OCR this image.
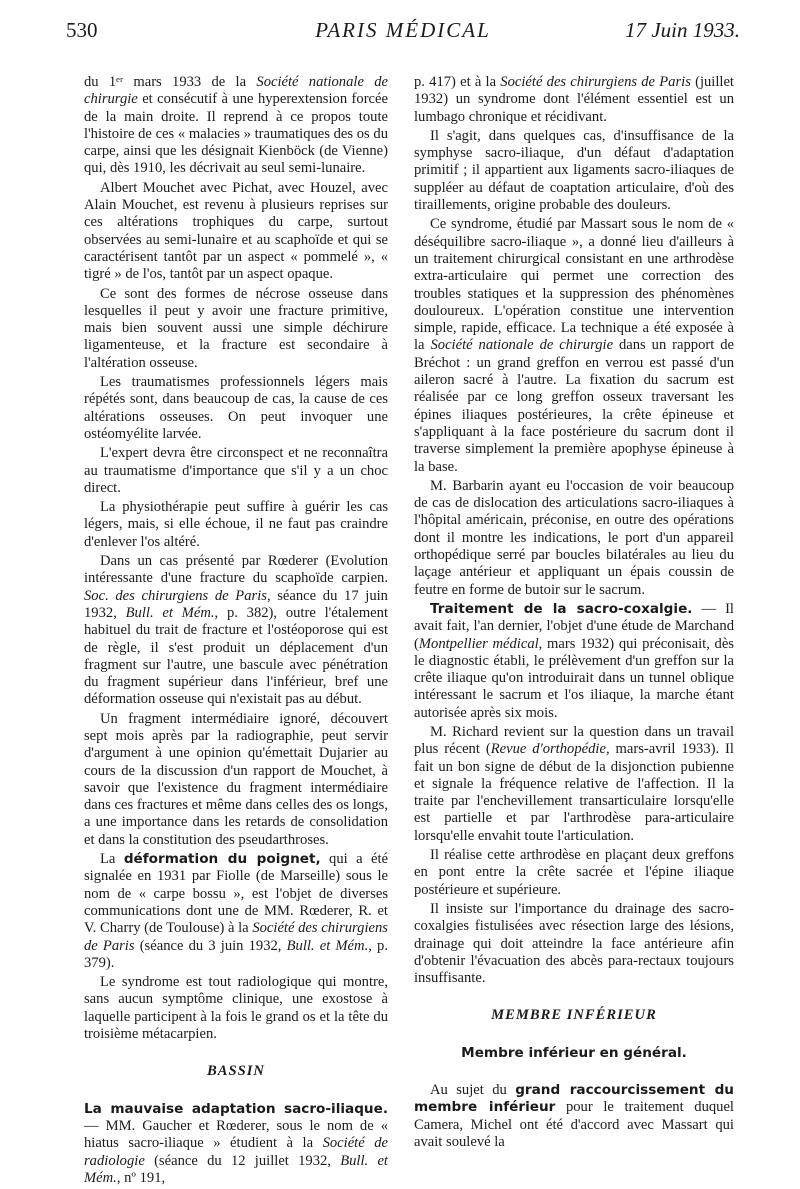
530	PARIS MÉDICAL	17 Juin 1933.

du 1ᵉʳ mars 1933 de la Société nationale de chirurgie et consécutif à une hyperextension forcée de la main droite. Il reprend à ce propos toute l'histoire de ces « malacies » traumatiques des os du carpe, ainsi que les désignait Kienböck (de Vienne) qui, dès 1910, les décrivait au seul semi-lunaire.

Albert Mouchet avec Pichat, avec Houzel, avec Alain Mouchet, est revenu à plusieurs reprises sur ces altérations trophiques du carpe, surtout observées au semi-lunaire et au scaphoïde et qui se caractérisent tantôt par un aspect « pommelé », « tigré » de l'os, tantôt par un aspect opaque.

Ce sont des formes de nécrose osseuse dans lesquelles il peut y avoir une fracture primitive, mais bien souvent aussi une simple déchirure ligamenteuse, et la fracture est secondaire à l'altération osseuse.

Les traumatismes professionnels légers mais répétés sont, dans beaucoup de cas, la cause de ces altérations osseuses. On peut invoquer une ostéomyélite larvée.

L'expert devra être circonspect et ne reconnaîtra au traumatisme d'importance que s'il y a un choc direct.

La physiothérapie peut suffire à guérir les cas légers, mais, si elle échoue, il ne faut pas craindre d'enlever l'os altéré.

Dans un cas présenté par Rœderer (Evolution intéressante d'une fracture du scaphoïde carpien. Soc. des chirurgiens de Paris, séance du 17 juin 1932, Bull. et Mém., p. 382), outre l'étalement habituel du trait de fracture et l'ostéoporose qui est de règle, il s'est produit un déplacement d'un fragment sur l'autre, une bascule avec pénétration du fragment supérieur dans l'inférieur, bref une déformation osseuse qui n'existait pas au début.

Un fragment intermédiaire ignoré, découvert sept mois après par la radiographie, peut servir d'argument à une opinion qu'émettait Dujarier au cours de la discussion d'un rapport de Mouchet, à savoir que l'existence du fragment intermédiaire dans ces fractures et même dans celles des os longs, a une importance dans les retards de consolidation et dans la constitution des pseudarthroses.

La déformation du poignet, qui a été signalée en 1931 par Fiolle (de Marseille) sous le nom de « carpe bossu », est l'objet de diverses communications dont une de MM. Rœderer, R. et V. Charry (de Toulouse) à la Société des chirurgiens de Paris (séance du 3 juin 1932, Bull. et Mém., p. 379).

Le syndrome est tout radiologique qui montre, sans aucun symptôme clinique, une exostose à laquelle participent à la fois le grand os et la tête du troisième métacarpien.

BASSIN

La mauvaise adaptation sacro-iliaque. — MM. Gaucher et Rœderer, sous le nom de « hiatus sacro-iliaque » étudient à la Société de radiologie (séance du 12 juillet 1932, Bull. et Mém., nº 191,

p. 417) et à la Société des chirurgiens de Paris (juillet 1932) un syndrome dont l'élément essentiel est un lumbago chronique et récidivant.

Il s'agit, dans quelques cas, d'insuffisance de la symphyse sacro-iliaque, d'un défaut d'adaptation primitif ; il appartient aux ligaments sacro-iliaques de suppléer au défaut de coaptation articulaire, d'où des tiraillements, origine probable des douleurs.

Ce syndrome, étudié par Massart sous le nom de « déséquilibre sacro-iliaque », a donné lieu d'ailleurs à un traitement chirurgical consistant en une arthrodèse extra-articulaire qui permet une correction des troubles statiques et la suppression des phénomènes douloureux. L'opération constitue une intervention simple, rapide, efficace. La technique a été exposée à la Société nationale de chirurgie dans un rapport de Bréchot : un grand greffon en verrou est passé d'un aileron sacré à l'autre. La fixation du sacrum est réalisée par ce long greffon osseux traversant les épines iliaques postérieures, la crête épineuse et s'appliquant à la face postérieure du sacrum dont il traverse simplement la première apophyse épineuse à la base.

M. Barbarin ayant eu l'occasion de voir beaucoup de cas de dislocation des articulations sacro-iliaques à l'hôpital américain, préconise, en outre des opérations dont il montre les indications, le port d'un appareil orthopédique serré par boucles bilatérales au lieu du laçage antérieur et appliquant un épais coussin de feutre en forme de butoir sur le sacrum.

Traitement de la sacro-coxalgie. — Il avait fait, l'an dernier, l'objet d'une étude de Marchand (Montpellier médical, mars 1932) qui préconisait, dès le diagnostic établi, le prélèvement d'un greffon sur la crête iliaque qu'on introduirait dans un tunnel oblique intéressant le sacrum et l'os iliaque, la marche étant autorisée après six mois.

M. Richard revient sur la question dans un travail plus récent (Revue d'orthopédie, mars-avril 1933). Il fait un bon signe de début de la disjonction pubienne et signale la fréquence relative de l'affection. Il la traite par l'enchevillement transarticulaire lorsqu'elle est partielle et par l'arthrodèse para-articulaire lorsqu'elle envahit toute l'articulation.

Il réalise cette arthrodèse en plaçant deux greffons en pont entre la crête sacrée et l'épine iliaque postérieure et supérieure.

Il insiste sur l'importance du drainage des sacro-coxalgies fistulisées avec résection large des lésions, drainage qui doit atteindre la face antérieure afin d'obtenir l'évacuation des abcès para-rectaux toujours insuffisante.

MEMBRE INFÉRIEUR
Membre inférieur en général.

Au sujet du grand raccourcissement du membre inférieur pour le traitement duquel Camera, Michel ont été d'accord avec Massart qui avait soulevé la
